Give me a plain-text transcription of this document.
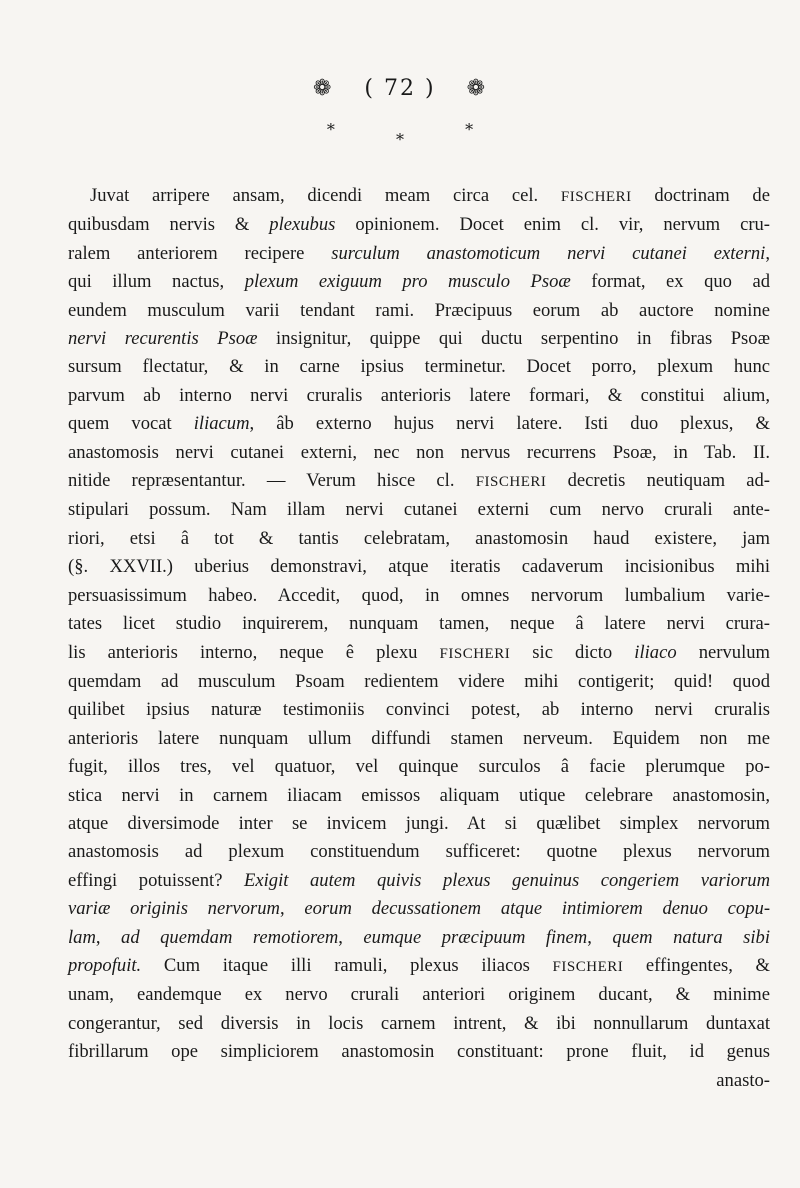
❁ ( 72 ) ❁
* * *
Juvat arripere ansam, dicendi meam circa cel. FISCHERI doctrinam de
quibusdam nervis & plexubus opinionem. Docet enim cl. vir, nervum cru-
ralem anteriorem recipere surculum anastomoticum nervi cutanei externi,
qui illum nactus, plexum exiguum pro musculo Psoæ format, ex quo ad
eundem musculum varii tendant rami. Præcipuus eorum ab auctore nomine
nervi recurentis Psoæ insignitur, quippe qui ductu serpentino in fibras Psoæ
sursum flectatur, & in carne ipsius terminetur. Docet porro, plexum hunc
parvum ab interno nervi cruralis anterioris latere formari, & constitui alium,
quem vocat iliacum, âb externo hujus nervi latere. Isti duo plexus, &
anastomosis nervi cutanei externi, nec non nervus recurrens Psoæ, in Tab. II.
nitide repræsentantur. — Verum hisce cl. FISCHERI decretis neutiquam ad-
stipulari possum. Nam illam nervi cutanei externi cum nervo crurali ante-
riori, etsi â tot & tantis celebratam, anastomosin haud existere, jam
(§. XXVII.) uberius demonstravi, atque iteratis cadaverum incisionibus mihi
persuasissimum habeo. Accedit, quod, in omnes nervorum lumbalium varie-
tates licet studio inquirerem, nunquam tamen, neque â latere nervi crura-
lis anterioris interno, neque ê plexu FISCHERI sic dicto iliaco nervulum
quemdam ad musculum Psoam redientem videre mihi contigerit; quid! quod
quilibet ipsius naturæ testimoniis convinci potest, ab interno nervi cruralis
anterioris latere nunquam ullum diffundi stamen nerveum. Equidem non me
fugit, illos tres, vel quatuor, vel quinque surculos â facie plerumque po-
stica nervi in carnem iliacam emissos aliquam utique celebrare anastomosin,
atque diversimode inter se invicem jungi. At si quælibet simplex nervorum
anastomosis ad plexum constituendum sufficeret: quotne plexus nervorum
effingi potuissent? Exigit autem quivis plexus genuinus congeriem variorum
variæ originis nervorum, eorum decussationem atque intimiorem denuo copu-
lam, ad quemdam remotiorem, eumque præcipuum finem, quem natura sibi
propofuit. Cum itaque illi ramuli, plexus iliacos FISCHERI effingentes, &
unam, eandemque ex nervo crurali anteriori originem ducant, & minime
congerantur, sed diversis in locis carnem intrent, & ibi nonnullarum duntaxat
fibrillarum ope simpliciorem anastomosin constituant: prone fluit, id genus
anasto-
